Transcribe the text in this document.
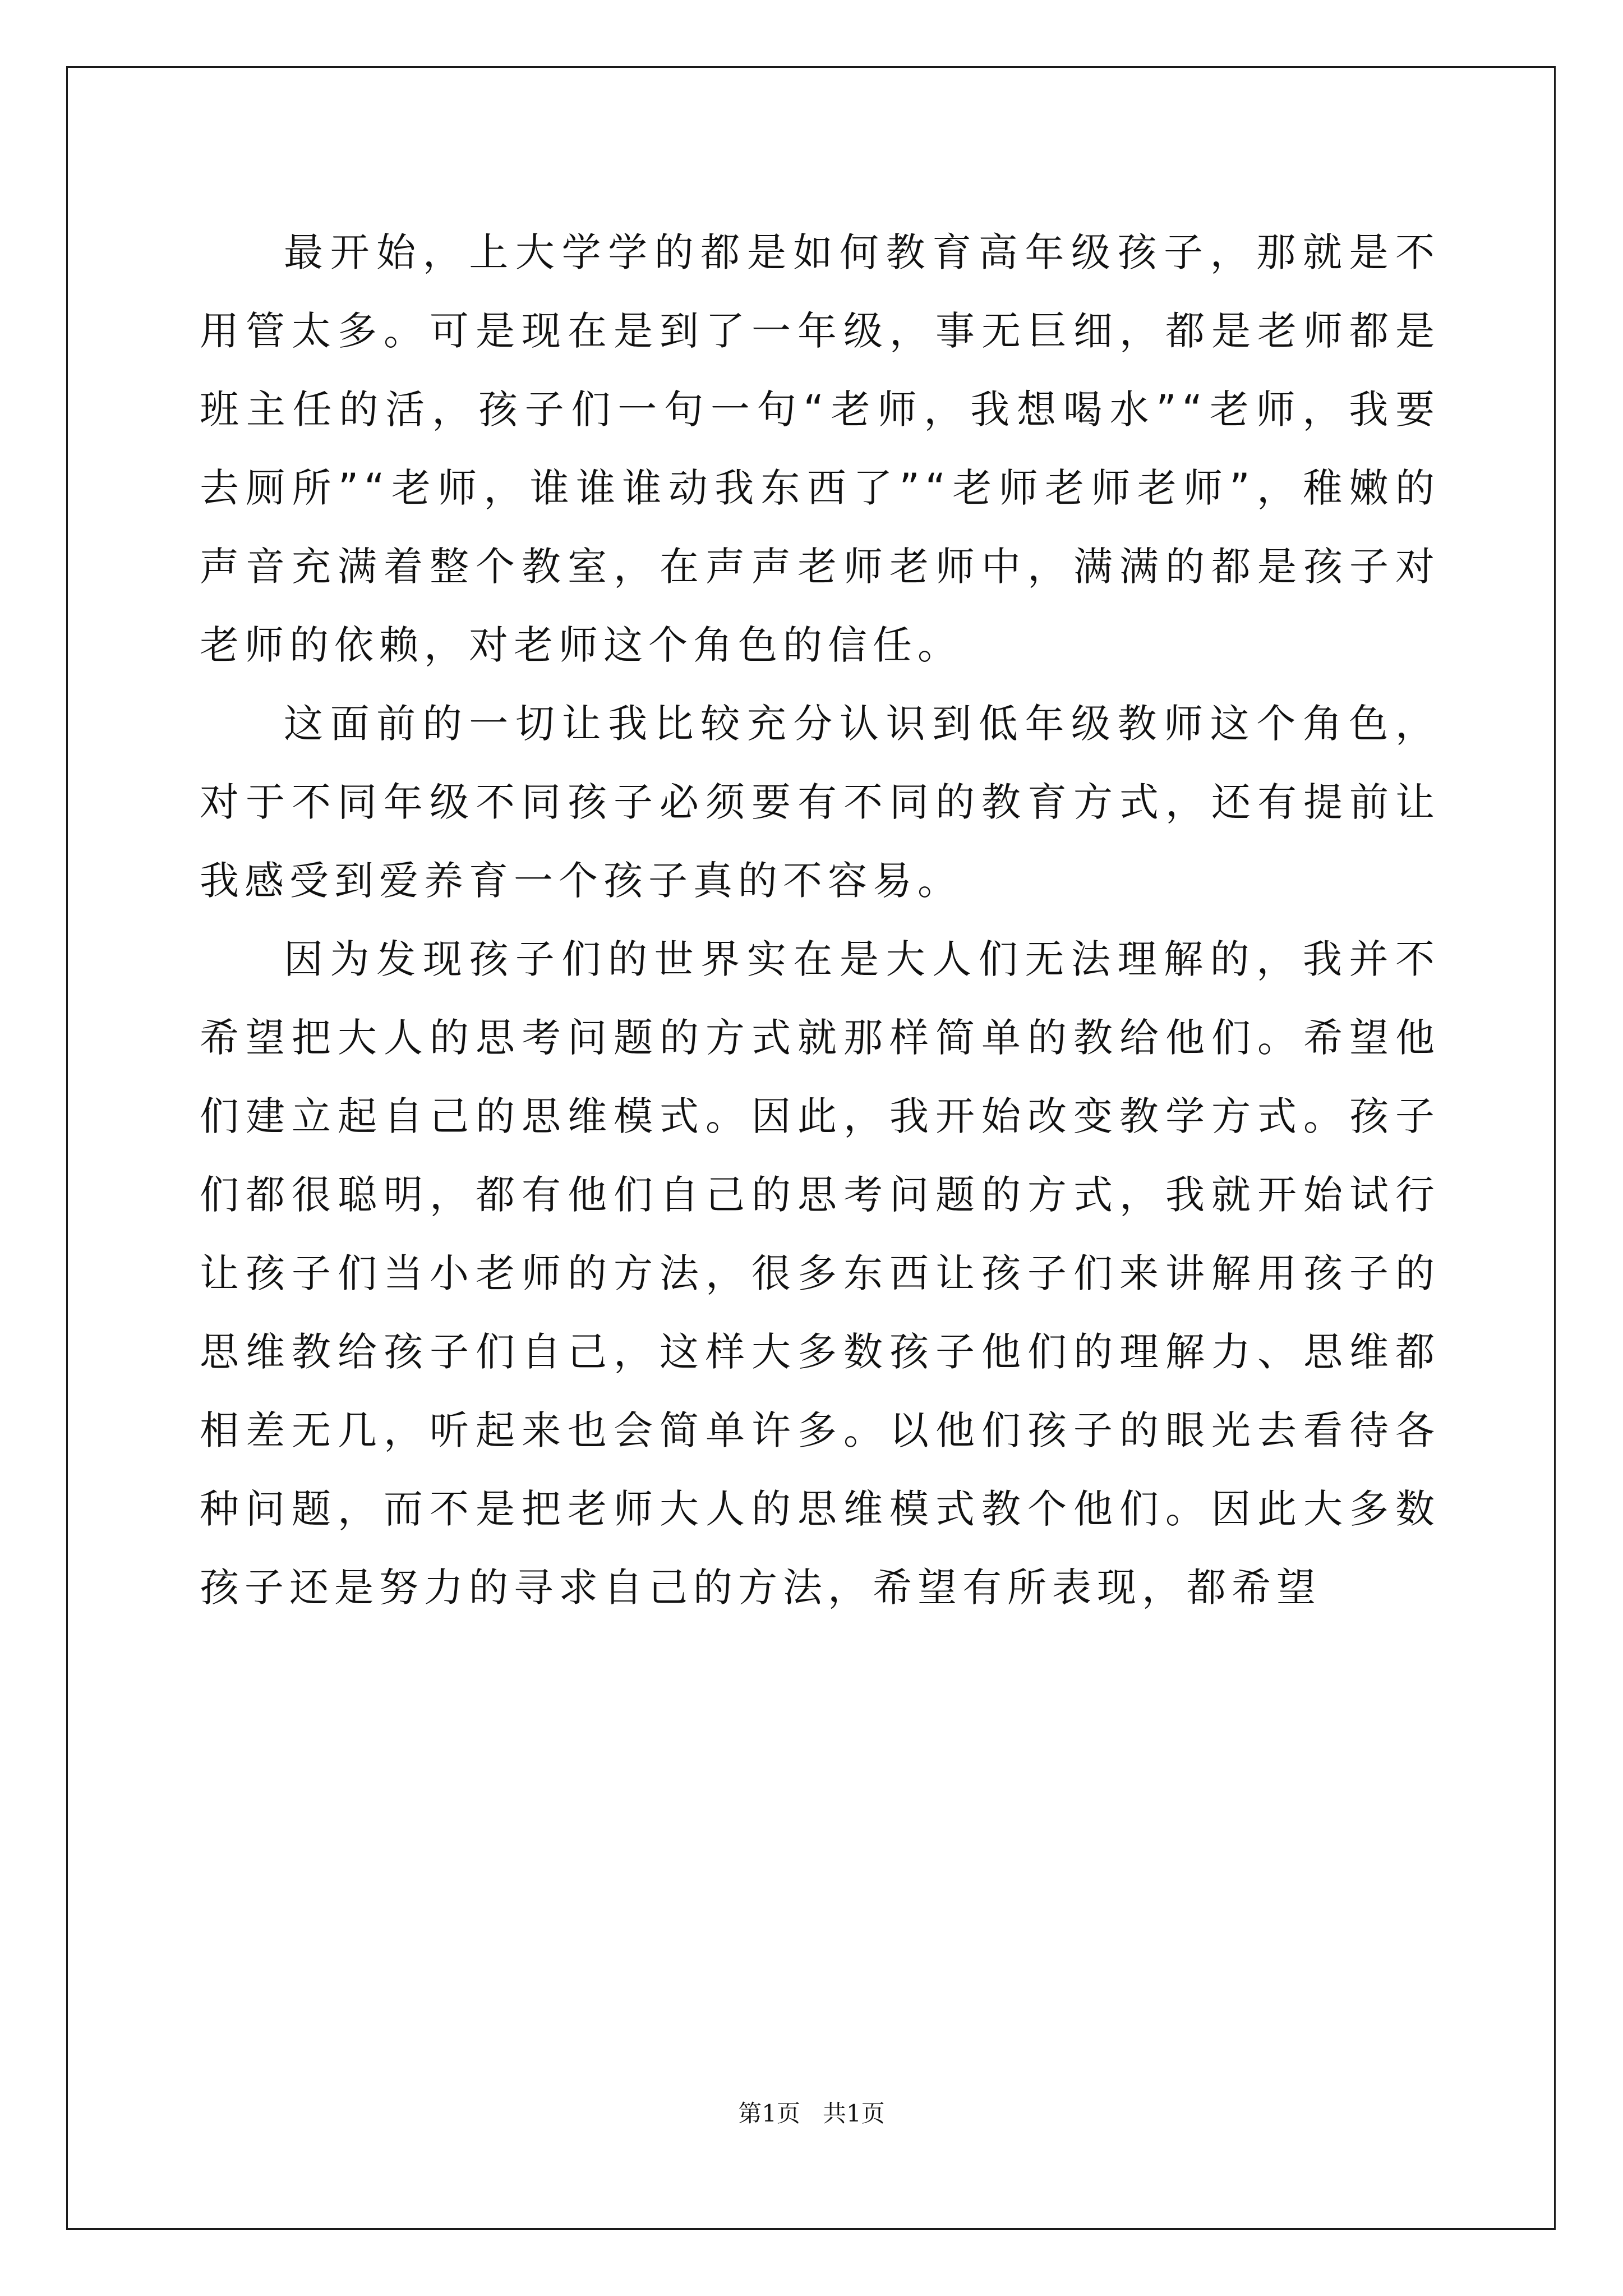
最开始，上大学学的都是如何教育高年级孩子，那就是不用管太多。可是现在是到了一年级，事无巨细，都是老师都是班主任的活，孩子们一句一句“老师，我想喝水”“老师，我要去厕所”“老师，谁谁谁动我东西了”“老师老师老师”，稚嫩的声音充满着整个教室，在声声老师老师中，满满的都是孩子对老师的依赖，对老师这个角色的信任。

这面前的一切让我比较充分认识到低年级教师这个角色，对于不同年级不同孩子必须要有不同的教育方式，还有提前让我感受到爱养育一个孩子真的不容易。

因为发现孩子们的世界实在是大人们无法理解的，我并不希望把大人的思考问题的方式就那样简单的教给他们。希望他们建立起自己的思维模式。因此，我开始改变教学方式。孩子们都很聪明，都有他们自己的思考问题的方式，我就开始试行让孩子们当小老师的方法，很多东西让孩子们来讲解用孩子的思维教给孩子们自己，这样大多数孩子他们的理解力、思维都相差无几，听起来也会简单许多。以他们孩子的眼光去看待各种问题，而不是把老师大人的思维模式教个他们。因此大多数孩子还是努力的寻求自己的方法，希望有所表现，都希望

第1页   共1页
